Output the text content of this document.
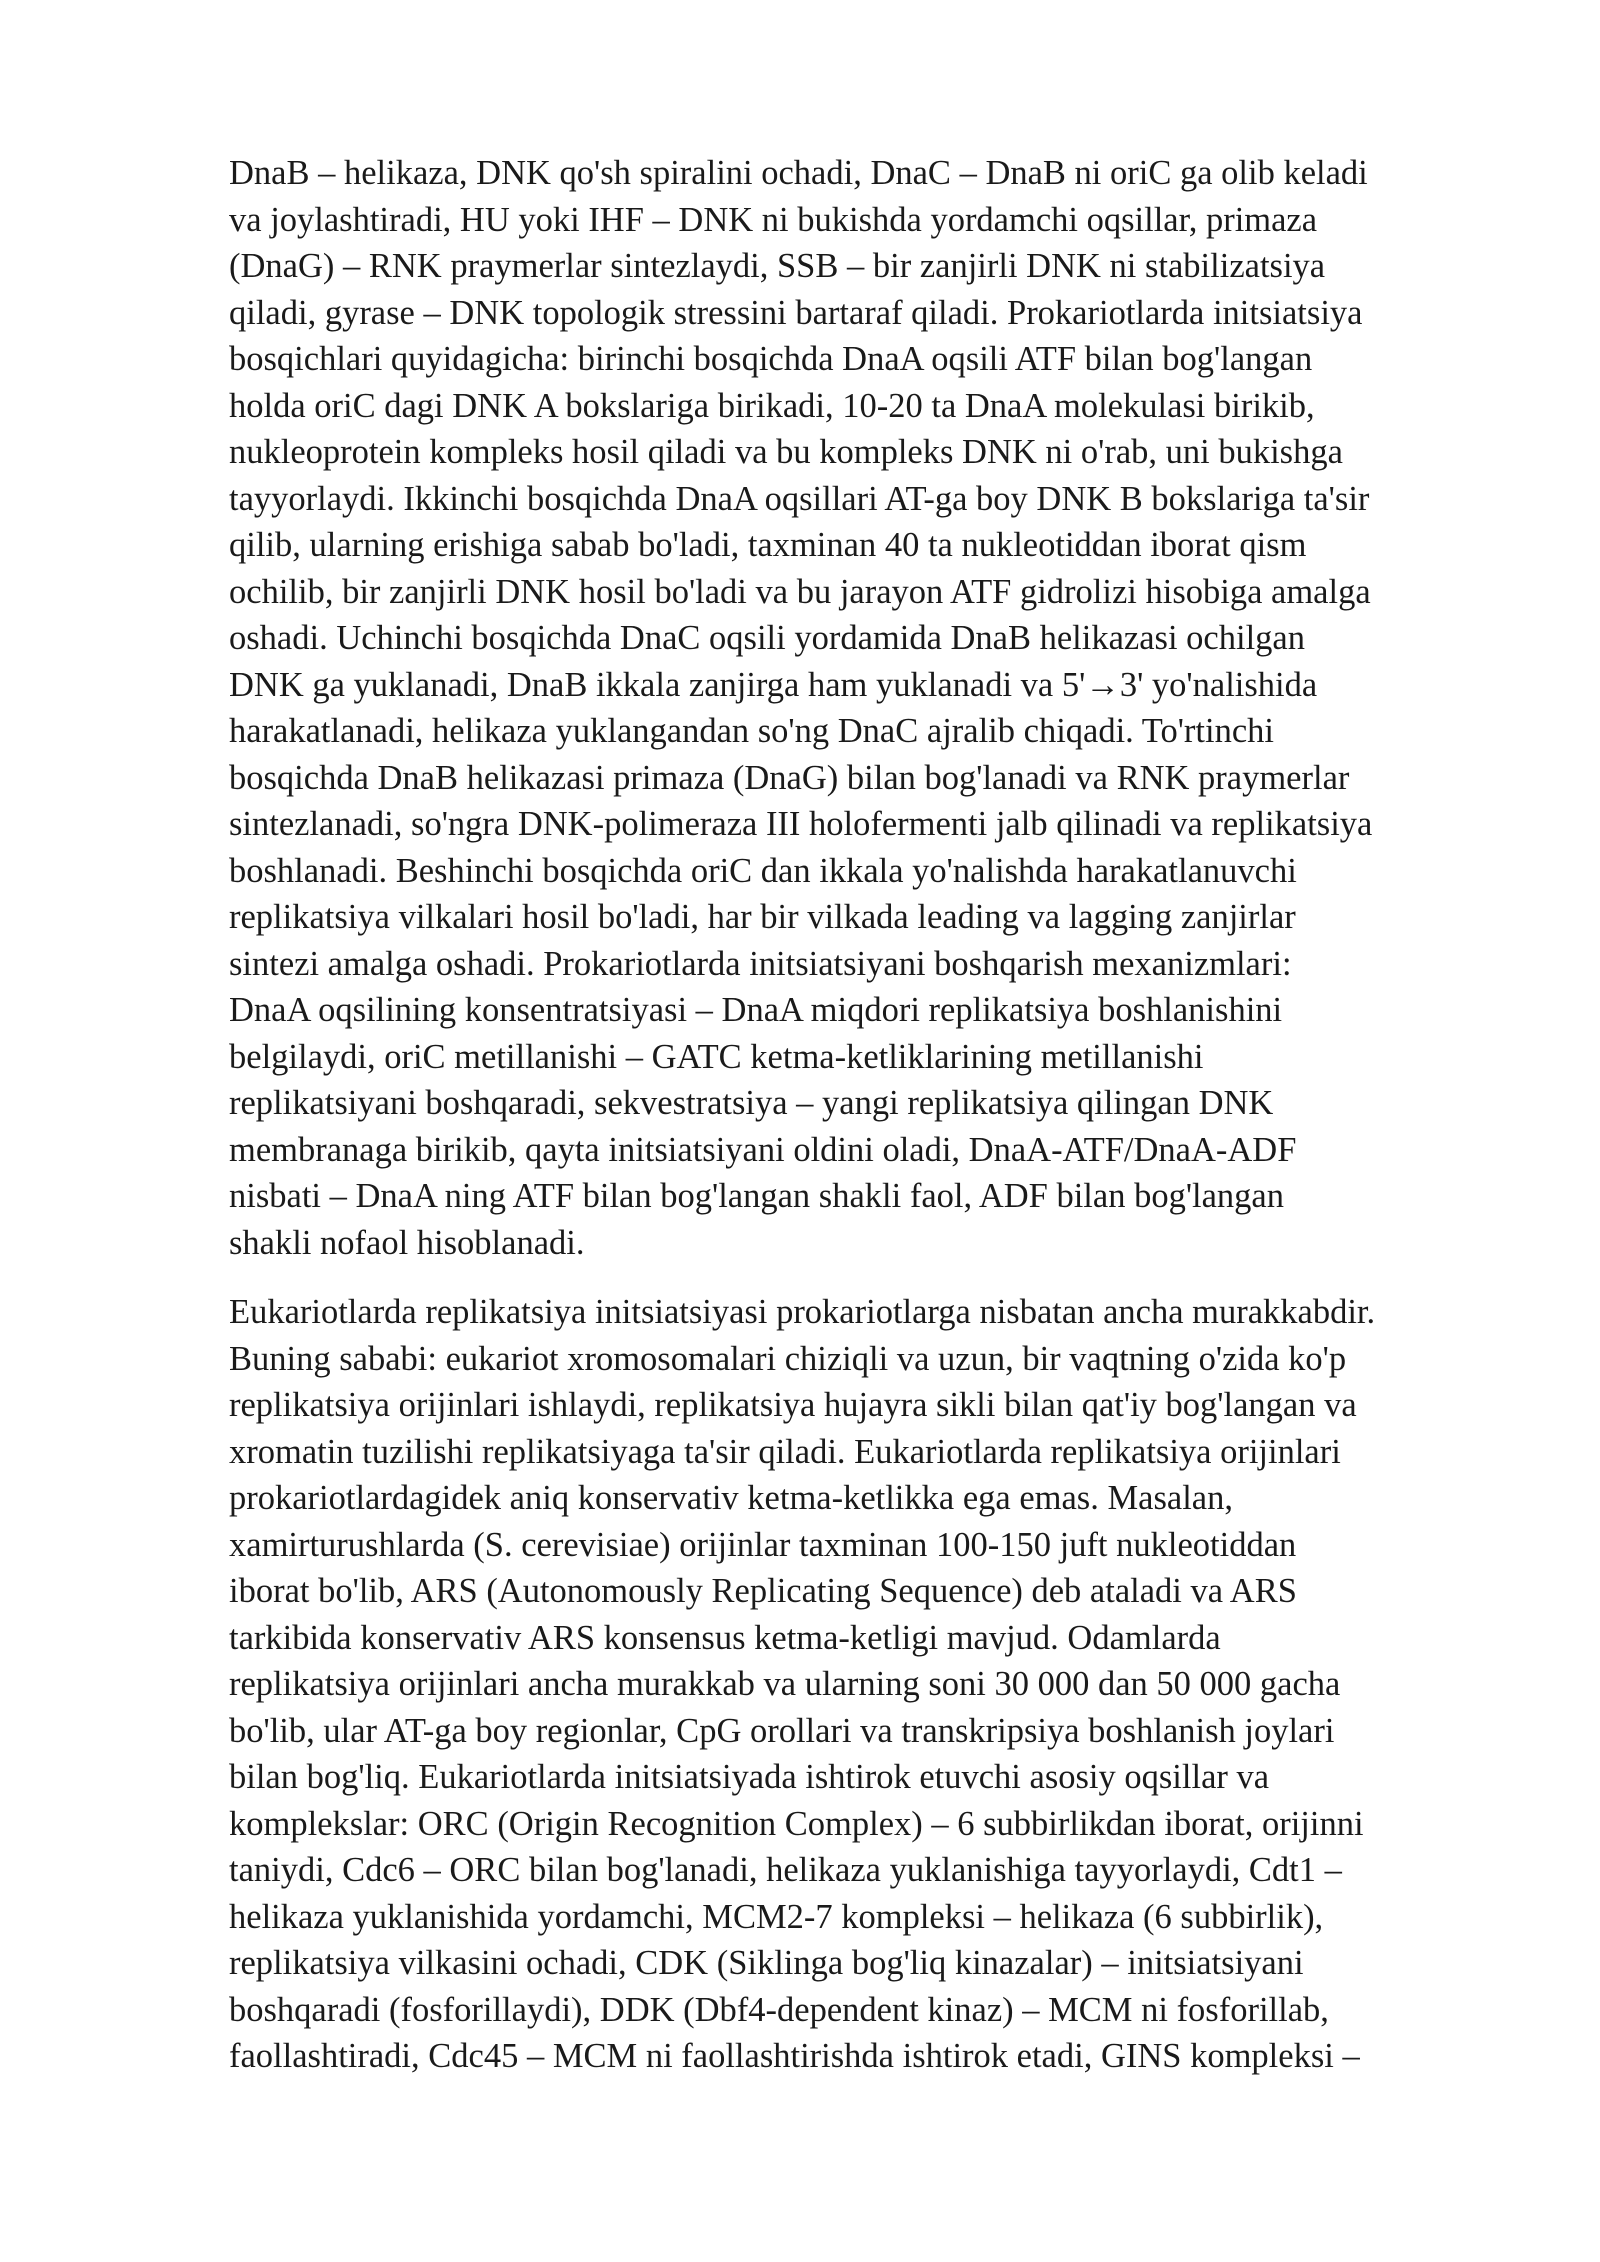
DnaB – helikaza, DNK qo'sh spiralini ochadi, DnaC – DnaB ni oriC ga olib keladi
va joylashtiradi, HU yoki IHF – DNK ni bukishda yordamchi oqsillar, primaza
(DnaG) – RNK praymerlar sintezlaydi, SSB – bir zanjirli DNK ni stabilizatsiya
qiladi, gyrase – DNK topologik stressini bartaraf qiladi. Prokariotlarda initsiatsiya
bosqichlari quyidagicha: birinchi bosqichda DnaA oqsili ATF bilan bog'langan
holda oriC dagi DNK A bokslariga birikadi, 10-20 ta DnaA molekulasi birikib,
nukleoprotein kompleks hosil qiladi va bu kompleks DNK ni o'rab, uni bukishga
tayyorlaydi. Ikkinchi bosqichda DnaA oqsillari AT-ga boy DNK B bokslariga ta'sir
qilib, ularning erishiga sabab bo'ladi, taxminan 40 ta nukleotiddan iborat qism
ochilib, bir zanjirli DNK hosil bo'ladi va bu jarayon ATF gidrolizi hisobiga amalga
oshadi. Uchinchi bosqichda DnaC oqsili yordamida DnaB helikazasi ochilgan
DNK ga yuklanadi, DnaB ikkala zanjirga ham yuklanadi va 5'→3' yo'nalishida
harakatlanadi, helikaza yuklangandan so'ng DnaC ajralib chiqadi. To'rtinchi
bosqichda DnaB helikazasi primaza (DnaG) bilan bog'lanadi va RNK praymerlar
sintezlanadi, so'ngra DNK-polimeraza III holofermenti jalb qilinadi va replikatsiya
boshlanadi. Beshinchi bosqichda oriC dan ikkala yo'nalishda harakatlanuvchi
replikatsiya vilkalari hosil bo'ladi, har bir vilkada leading va lagging zanjirlar
sintezi amalga oshadi. Prokariotlarda initsiatsiyani boshqarish mexanizmlari:
DnaA oqsilining konsentratsiyasi – DnaA miqdori replikatsiya boshlanishini
belgilaydi, oriC metillanishi – GATC ketma-ketliklarining metillanishi
replikatsiyani boshqaradi, sekvestratsiya – yangi replikatsiya qilingan DNK
membranaga birikib, qayta initsiatsiyani oldini oladi, DnaA-ATF/DnaA-ADF
nisbati – DnaA ning ATF bilan bog'langan shakli faol, ADF bilan bog'langan
shakli nofaol hisoblanadi.

Eukariotlarda replikatsiya initsiatsiyasi prokariotlarga nisbatan ancha murakkabdir.
Buning sababi: eukariot xromosomalari chiziqli va uzun, bir vaqtning o'zida ko'p
replikatsiya orijinlari ishlaydi, replikatsiya hujayra sikli bilan qat'iy bog'langan va
xromatin tuzilishi replikatsiyaga ta'sir qiladi. Eukariotlarda replikatsiya orijinlari
prokariotlardagidek aniq konservativ ketma-ketlikka ega emas. Masalan,
xamirturushlarda (S. cerevisiae) orijinlar taxminan 100-150 juft nukleotiddan
iborat bo'lib, ARS (Autonomously Replicating Sequence) deb ataladi va ARS
tarkibida konservativ ARS konsensus ketma-ketligi mavjud. Odamlarda
replikatsiya orijinlari ancha murakkab va ularning soni 30 000 dan 50 000 gacha
bo'lib, ular AT-ga boy regionlar, CpG orollari va transkripsiya boshlanish joylari
bilan bog'liq. Eukariotlarda initsiatsiyada ishtirok etuvchi asosiy oqsillar va
komplekslar: ORC (Origin Recognition Complex) – 6 subbirlikdan iborat, orijinni
taniydi, Cdc6 – ORC bilan bog'lanadi, helikaza yuklanishiga tayyorlaydi, Cdt1 –
helikaza yuklanishida yordamchi, MCM2-7 kompleksi – helikaza (6 subbirlik),
replikatsiya vilkasini ochadi, CDK (Siklinga bog'liq kinazalar) – initsiatsiyani
boshqaradi (fosforillaydi), DDK (Dbf4-dependent kinaz) – MCM ni fosforillab,
faollashtiradi, Cdc45 – MCM ni faollashtirishda ishtirok etadi, GINS kompleksi –
